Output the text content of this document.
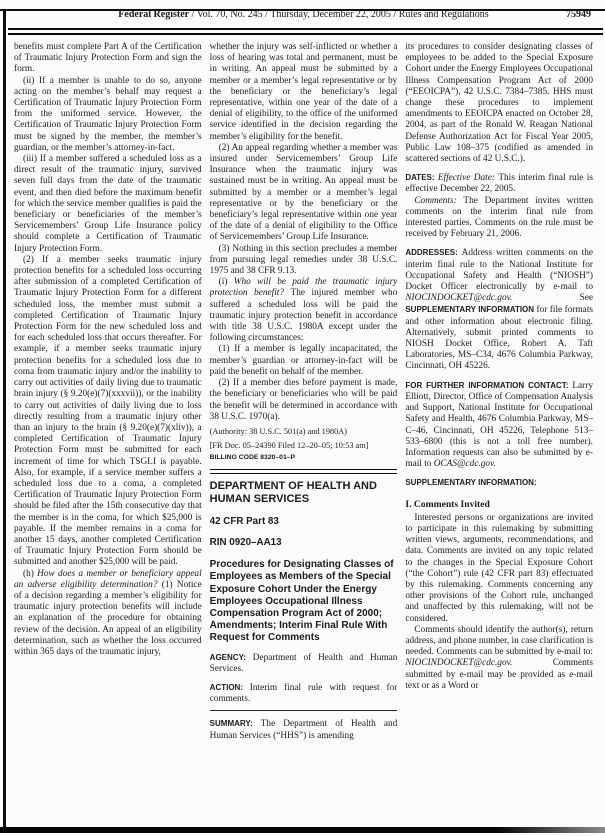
Federal Register / Vol. 70, No. 245 / Thursday, December 22, 2005 / Rules and Regulations	75949

benefits must complete Part A of the Certification of Traumatic Injury Protection Form and sign the form.

(ii) If a member is unable to do so, anyone acting on the member’s behalf may request a Certification of Traumatic Injury Protection Form from the uniformed service. However, the Certification of Traumatic Injury Protection Form must be signed by the member, the member’s guardian, or the member’s attorney-in-fact.

(iii) If a member suffered a scheduled loss as a direct result of the traumatic injury, survived seven full days from the date of the traumatic event, and then died before the maximum benefit for which the service member qualifies is paid the beneficiary or beneficiaries of the member’s Servicemembers’ Group Life Insurance policy should complete a Certification of Traumatic Injury Protection Form.

(2) If a member seeks traumatic injury protection benefits for a scheduled loss occurring after submission of a completed Certification of Traumatic Injury Protection Form for a different scheduled loss, the member must submit a completed Certification of Traumatic Injury Protection Form for the new scheduled loss and for each scheduled loss that occurs thereafter. For example, if a member seeks traumatic injury protection benefits for a scheduled loss due to coma from traumatic injury and/or the inability to carry out activities of daily living due to traumatic brain injury (§ 9.20(e)(7)(xxxvii)), or the inability to carry out activities of daily living due to loss directly resulting from a traumatic injury other than an injury to the brain (§ 9.20(e)(7)(xliv)), a completed Certification of Traumatic Injury Protection Form must be submitted for each increment of time for which TSGLI is payable. Also, for example, if a service member suffers a scheduled loss due to a coma, a completed Certification of Traumatic Injury Protection Form should be filed after the 15th consecutive day that the member is in the coma, for which $25,000 is payable. If the member remains in a coma for another 15 days, another completed Certification of Traumatic Injury Protection Form should be submitted and another $25,000 will be paid.

(h) How does a member or beneficiary appeal an adverse eligibility determination? (1) Notice of a decision regarding a member’s eligibility for traumatic injury protection benefits will include an explanation of the procedure for obtaining review of the decision. An appeal of an eligibility determination, such as whether the loss occurred within 365 days of the traumatic injury,

whether the injury was self-inflicted or whether a loss of hearing was total and permanent, must be in writing. An appeal must be submitted by a member or a member’s legal representative or by the beneficiary or the beneficiary’s legal representative, within one year of the date of a denial of eligibility, to the office of the uniformed service identified in the decision regarding the member’s eligibility for the benefit.

(2) An appeal regarding whether a member was insured under Servicemembers’ Group Life Insurance when the traumatic injury was sustained must be in writing. An appeal must be submitted by a member or a member’s legal representative or by the beneficiary or the beneficiary’s legal representative within one year of the date of a denial of eligibility to the Office of Servicemembers’ Group Life Insurance.

(3) Nothing in this section precludes a member from pursuing legal remedies under 38 U.S.C. 1975 and 38 CFR 9.13.

(i) Who will be paid the traumatic injury protection benefit? The injured member who suffered a scheduled loss will be paid the traumatic injury protection benefit in accordance with title 38 U.S.C. 1980A except under the following circumstances:

(1) If a member is legally incapacitated, the member’s guardian or attorney-in-fact will be paid the benefit on behalf of the member.

(2) If a member dies before payment is made, the beneficiary or beneficiaries who will be paid the benefit will be determined in accordance with 38 U.S.C. 1970(a).

(Authority: 38 U.S.C. 501(a) and 1980A)

[FR Doc. 05–24390 Filed 12–20–05; 10:53 am]

BILLING CODE 8320–01–P

DEPARTMENT OF HEALTH AND HUMAN SERVICES

42 CFR Part 83

RIN 0920–AA13

Procedures for Designating Classes of Employees as Members of the Special Exposure Cohort Under the Energy Employees Occupational Illness Compensation Program Act of 2000; Amendments; Interim Final Rule With Request for Comments

AGENCY: Department of Health and Human Services.

ACTION: Interim final rule with request for comments.

SUMMARY: The Department of Health and Human Services (“HHS”) is amending

its procedures to consider designating classes of employees to be added to the Special Exposure Cohort under the Energy Employees Occupational Illness Compensation Program Act of 2000 (“EEOICPA”), 42 U.S.C. 7384–7385. HHS must change these procedures to implement amendments to EEOICPA enacted on October 28, 2004, as part of the Ronald W. Reagan National Defense Authorization Act for Fiscal Year 2005, Public Law 108–375 (codified as amended in scattered sections of 42 U.S.C.).

DATES: Effective Date: This interim final rule is effective December 22, 2005.

Comments: The Department invites written comments on the interim final rule from interested parties. Comments on the rule must be received by February 21, 2006.

ADDRESSES: Address written comments on the interim final rule to the National Institute for Occupational Safety and Health (“NIOSH”) Docket Officer electronically by e-mail to NIOCINDOCKET@cdc.gov. See SUPPLEMENTARY INFORMATION for file formats and other information about electronic filing. Alternatively, submit printed comments to NIOSH Docket Office, Robert A. Taft Laboratories, MS–C34, 4676 Columbia Parkway, Cincinnati, OH 45226.

FOR FURTHER INFORMATION CONTACT: Larry Elliott, Director, Office of Compensation Analysis and Support, National Institute for Occupational Safety and Health, 4676 Columbia Parkway, MS–C–46, Cincinnati, OH 45226, Telephone 513–533–6800 (this is not a toll free number). Information requests can also be submitted by e-mail to OCAS@cdc.gov.

SUPPLEMENTARY INFORMATION:

I. Comments Invited

Interested persons or organizations are invited to participate in this rulemaking by submitting written views, arguments, recommendations, and data. Comments are invited on any topic related to the changes in the Special Exposure Cohort (“the Cohort”) rule (42 CFR part 83) effectuated by this rulemaking. Comments concerning any other provisions of the Cohort rule, unchanged and unaffected by this rulemaking, will not be considered.

Comments should identify the author(s), return address, and phone number, in case clarification is needed. Comments can be submitted by e-mail to: NIOCINDOCKET@cdc.gov. Comments submitted by e-mail may be provided as e-mail text or as a Word or
